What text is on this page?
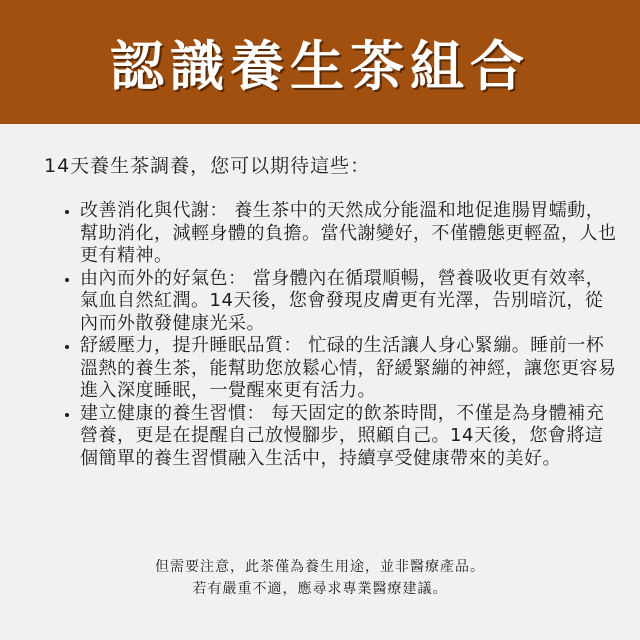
認識養生茶組合
14天養生茶調養，您可以期待這些：
• 改善消化與代謝： 養生茶中的天然成分能溫和地促進腸胃蠕動，幫助消化，減輕身體的負擔。當代謝變好，不僅體態更輕盈，人也更有精神。
• 由內而外的好氣色： 當身體內在循環順暢，營養吸收更有效率，氣血自然紅潤。14天後，您會發現皮膚更有光澤，告別暗沉，從內而外散發健康光采。
• 舒緩壓力，提升睡眠品質： 忙碌的生活讓人身心緊繃。睡前一杯溫熱的養生茶，能幫助您放鬆心情，舒緩緊繃的神經，讓您更容易進入深度睡眠，一覺醒來更有活力。
• 建立健康的養生習慣： 每天固定的飲茶時間，不僅是為身體補充營養，更是在提醒自己放慢腳步，照顧自己。14天後，您會將這個簡單的養生習慣融入生活中，持續享受健康帶來的美好。
但需要注意，此茶僅為養生用途，並非醫療產品。
若有嚴重不適，應尋求專業醫療建議。
